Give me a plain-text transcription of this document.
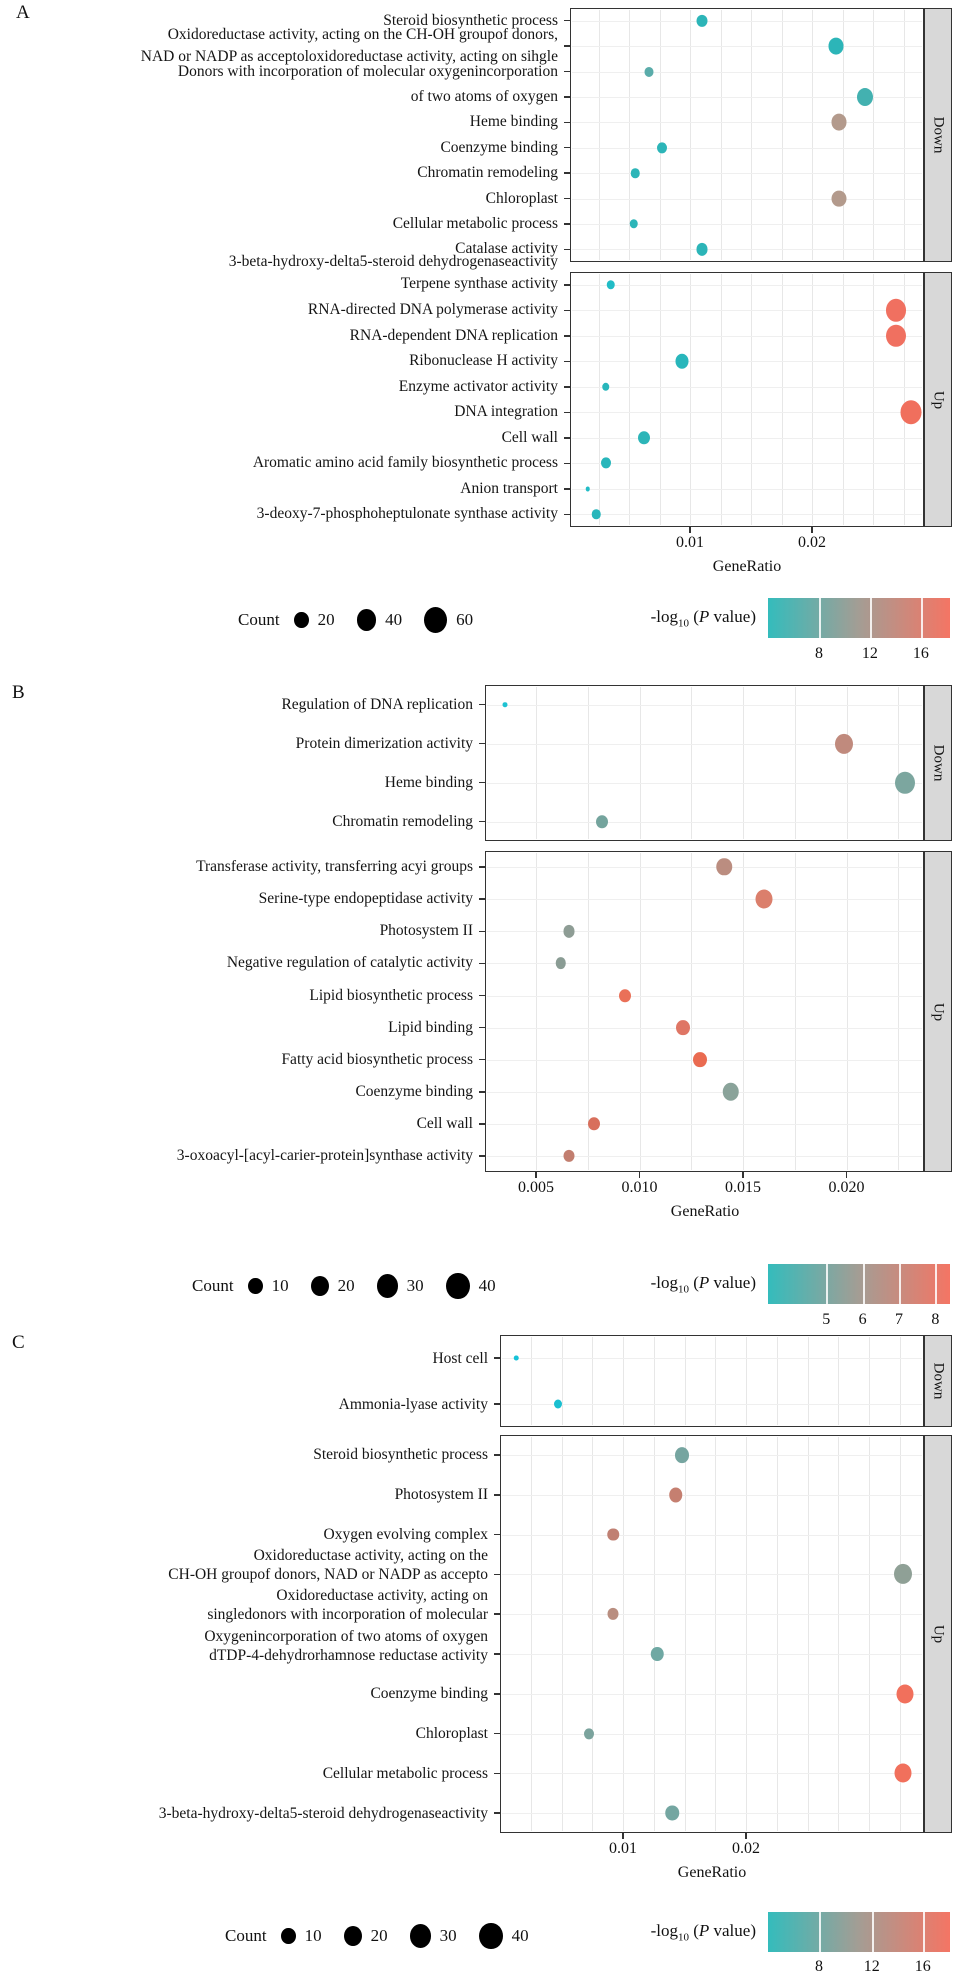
A
Down
Steroid biosynthetic process
Oxidoreductase activity, acting on the CH-OH groupof donors,
NAD or NADP as acceptoloxidoreductase activity, acting on sihgle
Donors with incorporation of molecular oxygenincorporation
of two atoms of oxygen
Heme binding
Coenzyme binding
Chromatin remodeling
Chloroplast
Cellular metabolic process
Catalase activity
Up
3-beta-hydroxy-delta5-steroid dehydrogenaseactivity
Terpene synthase activity
RNA-directed DNA polymerase activity
RNA-dependent DNA replication
Ribonuclease H activity
Enzyme activator activity
DNA integration
Cell wall
Aromatic amino acid family biosynthetic process
Anion transport
3-deoxy-7-phosphoheptulonate synthase activity
0.01	0.02
GeneRatio
Count 20	40	60	$-\log_{10}$ (P value)
8 12 16
B
Down
Regulation of DNA replication
Protein dimerization activity
Heme binding
Chromatin remodeling
Up
Transferase activity, transferring acyi groups
Serine-type endopeptidase activity
Photosystem II
Negative regulation of catalytic activity
Lipid biosynthetic process
Lipid binding
Fatty acid biosynthetic process
Coenzyme binding
Cell wall
3-oxoacyl-[acyl-carier-protein]synthase activity
0.005	0.010	0.015	0.020
GeneRatio
Count 10	20	30	40	$-\log_{10}$ (P value)
5 6 7 8
C
Down
Host cell
Ammonia-lyase activity
Up
Steroid biosynthetic process
Photosystem II
Oxygen evolving complex
Oxidoreductase activity, acting on the
CH-OH groupof donors, NAD or NADP as accepto
Oxidoreductase activity, acting on
singledonors with incorporation of molecular
Oxygenincorporation of two atoms of oxygen
dTDP-4-dehydrorhamnose reductase activity
Coenzyme binding
Chloroplast
Cellular metabolic process
3-beta-hydroxy-delta5-steroid dehydrogenaseactivity
0.01	0.02
GeneRatio
Count 10	20	30	40	$-\log_{10}$ (P value)
8	12 16
